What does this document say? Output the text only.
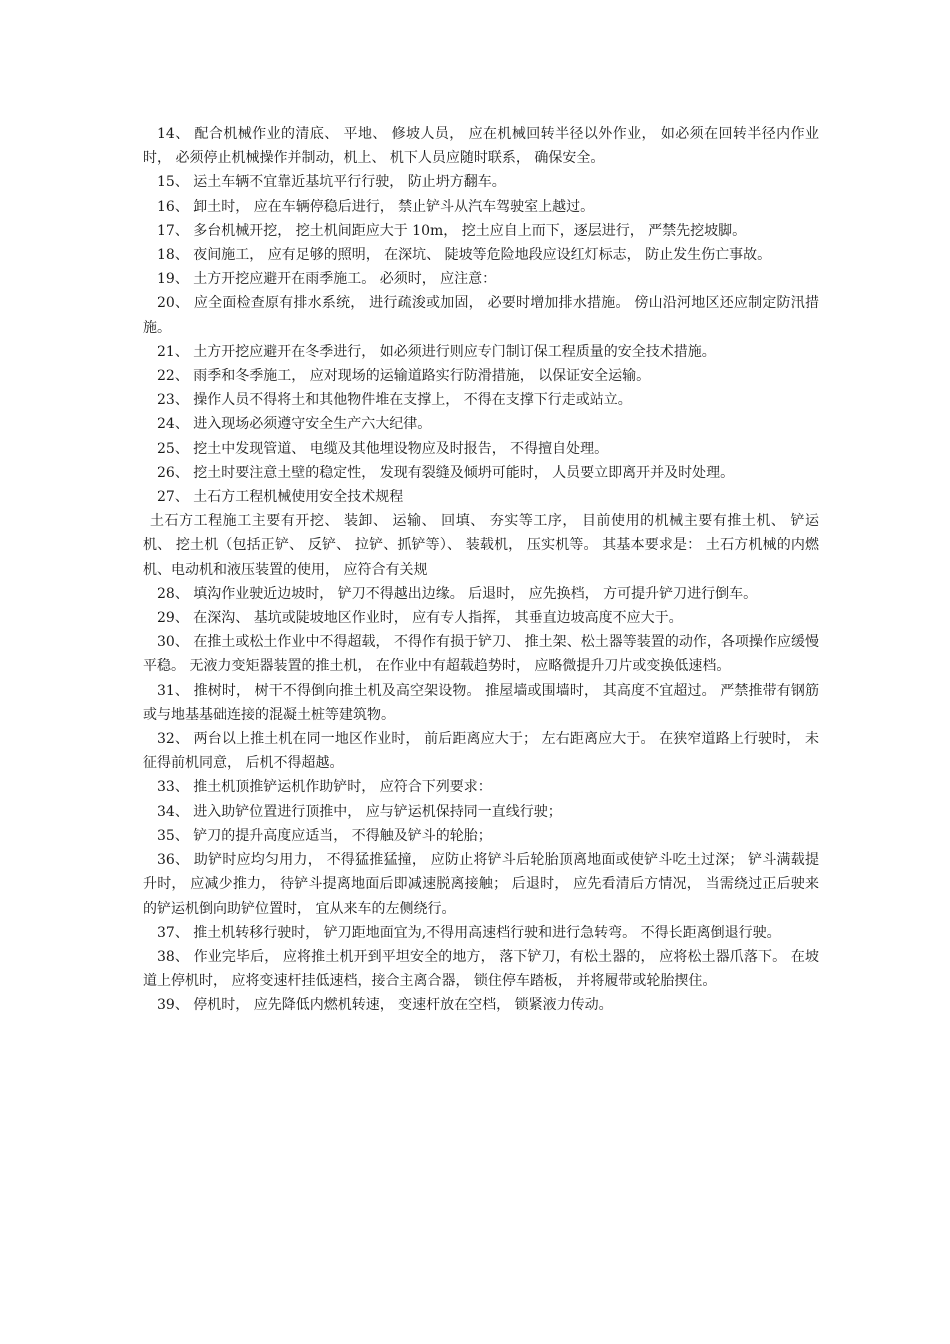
14、 配合机械作业的清底、 平地、 修坡人员， 应在机械回转半径以外作业， 如必须在回转半径内作业时， 必须停止机械操作并制动，机上、 机下人员应随时联系， 确保安全。

15、 运土车辆不宜靠近基坑平行行驶， 防止坍方翻车。

16、 卸土时， 应在车辆停稳后进行， 禁止铲斗从汽车驾驶室上越过。

17、 多台机械开挖， 挖土机间距应大于 10m， 挖土应自上而下，逐层进行， 严禁先挖坡脚。

18、 夜间施工， 应有足够的照明， 在深坑、 陡坡等危险地段应设红灯标志， 防止发生伤亡事故。

19、 土方开挖应避开在雨季施工。 必须时， 应注意：

20、 应全面检查原有排水系统， 进行疏浚或加固， 必要时增加排水措施。 傍山沿河地区还应制定防汛措施。

21、 土方开挖应避开在冬季进行， 如必须进行则应专门制订保工程质量的安全技术措施。

22、 雨季和冬季施工， 应对现场的运输道路实行防滑措施， 以保证安全运输。

23、 操作人员不得将土和其他物件堆在支撑上， 不得在支撑下行走或站立。

24、 进入现场必须遵守安全生产六大纪律。

25、 挖土中发现管道、 电缆及其他埋设物应及时报告， 不得擅自处理。

26、 挖土时要注意土壁的稳定性， 发现有裂缝及倾坍可能时， 人员要立即离开并及时处理。

27、 土石方工程机械使用安全技术规程

土石方工程施工主要有开挖、 装卸、 运输、 回填、 夯实等工序， 目前使用的机械主要有推土机、 铲运机、 挖土机（包括正铲、 反铲、 拉铲、抓铲等）、 装载机， 压实机等。 其基本要求是： 土石方机械的内燃机、电动机和液压装置的使用， 应符合有关规

28、 填沟作业驶近边坡时， 铲刀不得越出边缘。 后退时， 应先换档， 方可提升铲刀进行倒车。

29、 在深沟、 基坑或陡坡地区作业时， 应有专人指挥， 其垂直边坡高度不应大于。

30、 在推土或松土作业中不得超载， 不得作有损于铲刀、 推土架、松土器等装置的动作，各项操作应缓慢平稳。 无液力变矩器装置的推土机， 在作业中有超载趋势时， 应略微提升刀片或变换低速档。

31、 推树时， 树干不得倒向推土机及高空架设物。 推屋墙或围墙时， 其高度不宜超过。 严禁推带有钢筋或与地基基础连接的混凝土桩等建筑物。

32、 两台以上推土机在同一地区作业时， 前后距离应大于； 左右距离应大于。 在狭窄道路上行驶时， 未征得前机同意， 后机不得超越。

33、 推土机顶推铲运机作助铲时， 应符合下列要求：

34、 进入助铲位置进行顶推中， 应与铲运机保持同一直线行驶；

35、 铲刀的提升高度应适当， 不得触及铲斗的轮胎；

36、 助铲时应均匀用力， 不得猛推猛撞， 应防止将铲斗后轮胎顶离地面或使铲斗吃土过深； 铲斗满载提升时， 应减少推力， 待铲斗提离地面后即减速脱离接触； 后退时， 应先看清后方情况， 当需绕过正后驶来的铲运机倒向助铲位置时， 宜从来车的左侧绕行。

37、 推土机转移行驶时， 铲刀距地面宜为,不得用高速档行驶和进行急转弯。 不得长距离倒退行驶。

38、 作业完毕后， 应将推土机开到平坦安全的地方， 落下铲刀，有松土器的， 应将松土器爪落下。 在坡道上停机时， 应将变速杆挂低速档，接合主离合器， 锁住停车踏板， 并将履带或轮胎揳住。

39、 停机时， 应先降低内燃机转速， 变速杆放在空档， 锁紧液力传动。
